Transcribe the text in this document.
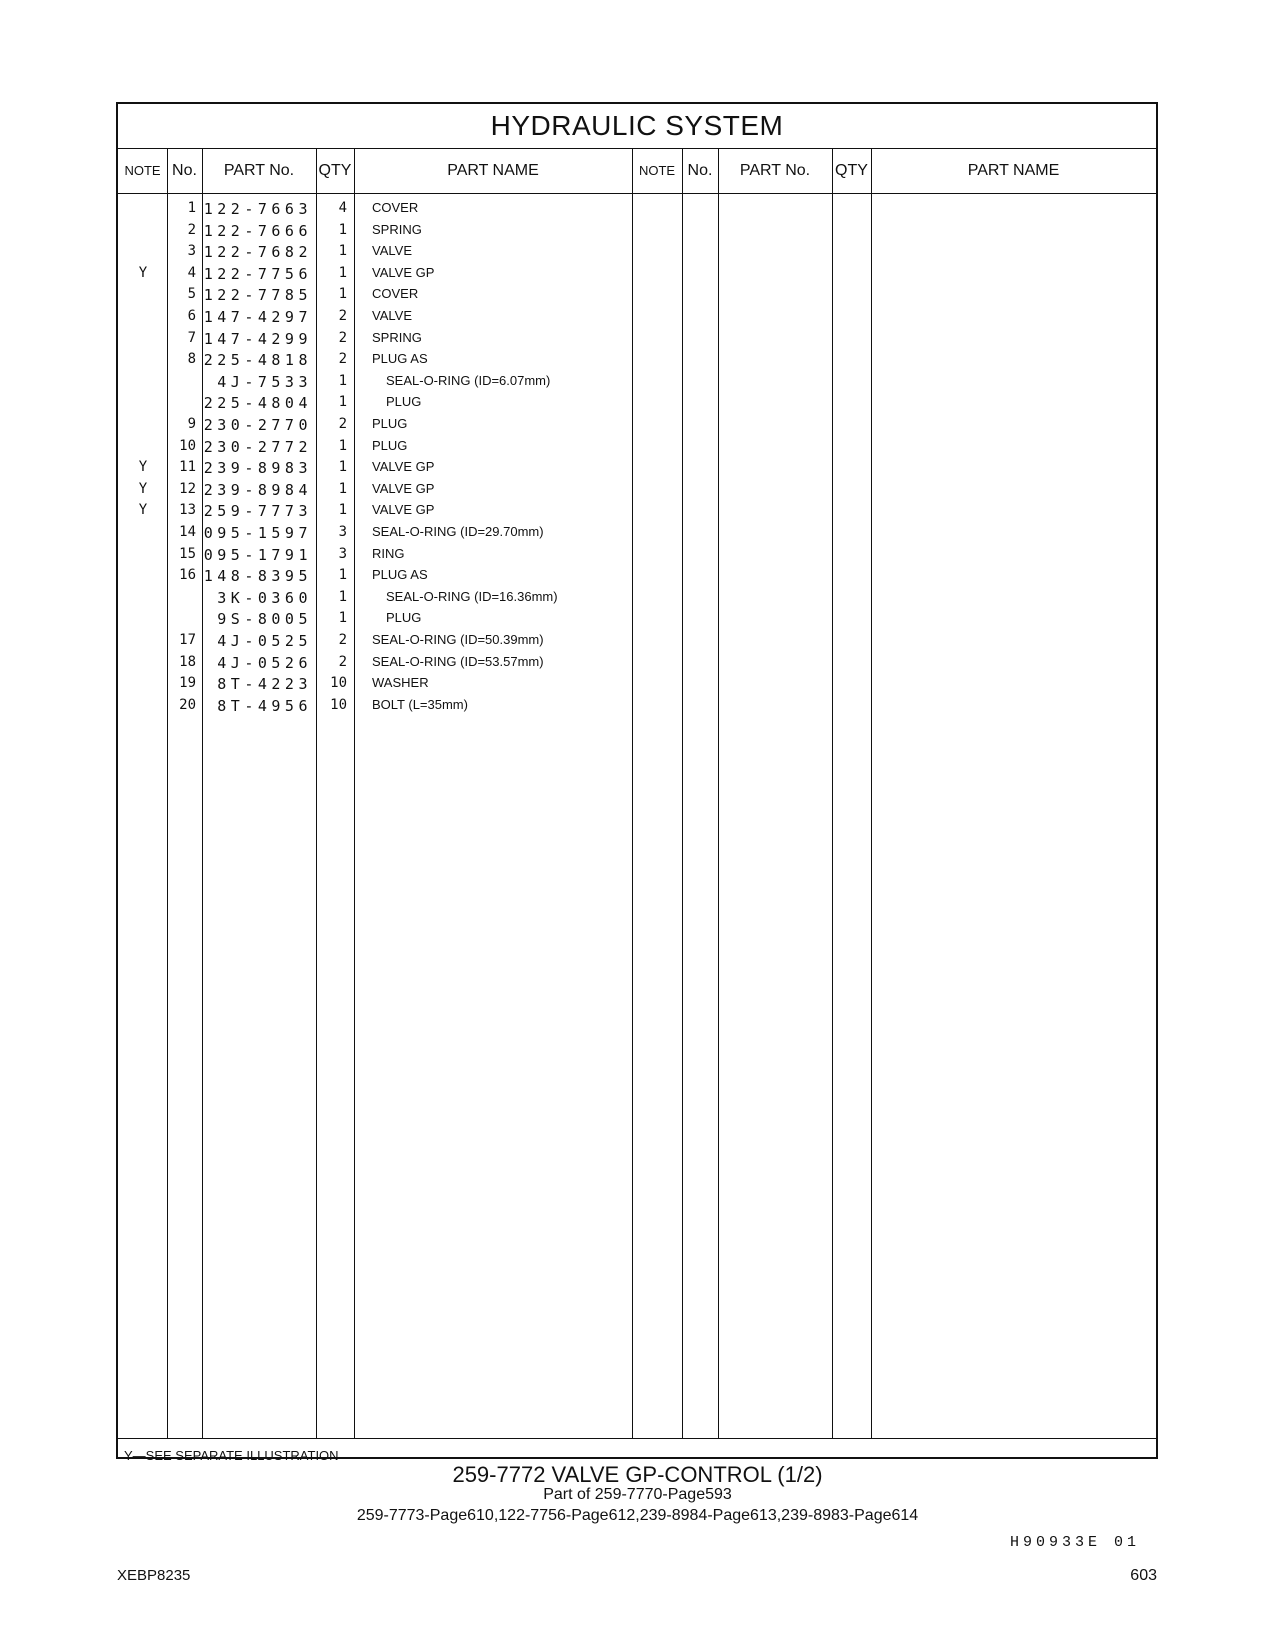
HYDRAULIC SYSTEM
NOTE No.	PART No.	QTY	PART NAME	NOTE No.	PART No.	QTY	PART NAME
1 122-7663	4 COVER
2 122-7666	1 SPRING
3 122-7682	1 VALVE
Y	4 122-7756	1 VALVE GP
5 122-7785	1 COVER
6 147-4297	2 VALVE
7 147-4299	2 SPRING
8 225-4818	2 PLUG AS
4J-7533	1	SEAL-O-RING (ID=6.07mm)
225-4804	1	PLUG
9 230-2770	2 PLUG
10 230-2772	1 PLUG
Y	11 239-8983	1 VALVE GP
Y	12 239-8984	1 VALVE GP
Y	13 259-7773	1 VALVE GP
14 095-1597	3 SEAL-O-RING (ID=29.70mm)
15 095-1791	3 RING
16 148-8395	1 PLUG AS
3K-0360	1	SEAL-O-RING (ID=16.36mm)
9S-8005	1	PLUG
17	4J-0525	2 SEAL-O-RING (ID=50.39mm)
18	4J-0526	2 SEAL-O-RING (ID=53.57mm)
19	8T-4223	10 WASHER
20	8T-4956	10 BOLT (L=35mm)
Y—SEE SEPARATE ILLUSTRATION
H90933E 01
259-7772 VALVE GP-CONTROL (1/2)
Part of 259-7770-Page593
259-7773-Page610,122-7756-Page612,239-8984-Page613,239-8983-Page614
XEBP8235	603
